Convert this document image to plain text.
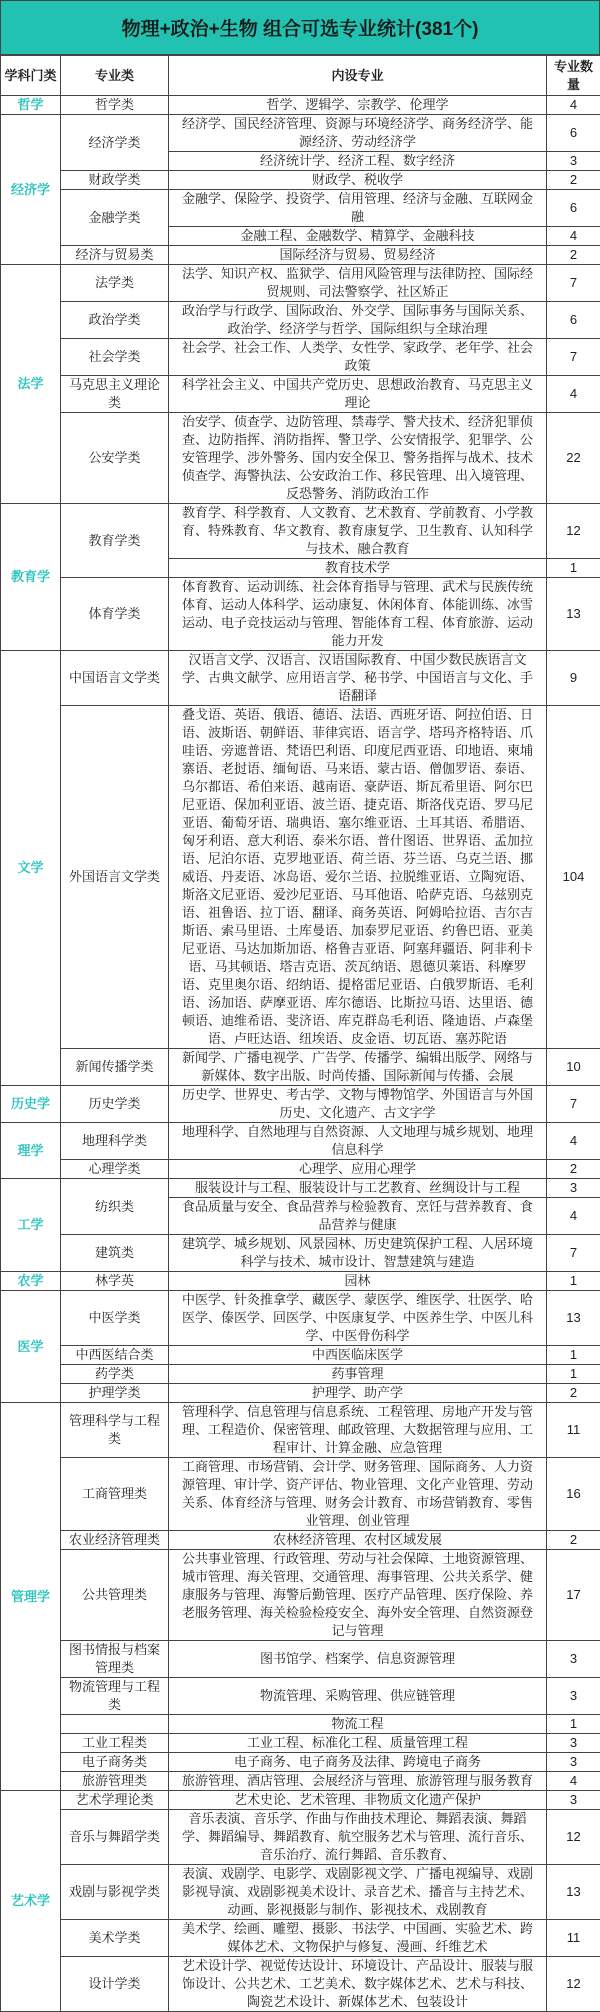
物理+政治+生物 组合可选专业统计(381个)
学科门类	专业类	内设专业	专业数量
哲学	哲学类	哲学、逻辑学、宗教学、伦理学	4
经济学	经济学类	经济学、国民经济管理、资源与环境经济学、商务经济学、能源经济、劳动经济学	6
		经济统计学、经济工程、数字经济	3
	财政学类	财政学、税收学	2
	金融学类	金融学、保险学、投资学、信用管理、经济与金融、互联网金融	6
		金融工程、金融数学、精算学、金融科技	4
	经济与贸易类	国际经济与贸易、贸易经济	2
法学	法学类	法学、知识产权、监狱学、信用风险管理与法律防控、国际经贸规则、司法警察学、社区矫正	7
	政治学类	政治学与行政学、国际政治、外交学、国际事务与国际关系、政治学、经济学与哲学、国际组织与全球治理	6
	社会学类	社会学、社会工作、人类学、女性学、家政学、老年学、社会政策	7
	马克思主义理论类	科学社会主义、中国共产党历史、思想政治教育、马克思主义理论	4
	公安学类	治安学、侦查学、边防管理、禁毒学、警犬技术、经济犯罪侦查、边防指挥、消防指挥、警卫学、公安情报学、犯罪学、公安管理学、涉外警务、国内安全保卫、警务指挥与战术、技术侦查学、海警执法、公安政治工作、移民管理、出入境管理、反恐警务、消防政治工作	22
教育学	教育学类	教育学、科学教育、人文教育、艺术教育、学前教育、小学教育、特殊教育、华文教育、教育康复学、卫生教育、认知科学与技术、融合教育	12
		教育技术学	1
	体育学类	体育教育、运动训练、社会体育指导与管理、武术与民族传统体育、运动人体科学、运动康复、休闲体育、体能训练、冰雪运动、电子竞技运动与管理、智能体育工程、体育旅游、运动能力开发	13
文学	中国语言文学类	汉语言文学、汉语言、汉语国际教育、中国少数民族语言文学、古典文献学、应用语言学、秘书学、中国语言与文化、手语翻译	9
	外国语言文学类	叠戈语、英语、俄语、德语、法语、西班牙语、阿拉伯语、日语、波斯语、朝鲜语、菲律宾语、语言学、塔玛齐格特语、爪哇语、旁遮普语、梵语巴利语、印度尼西亚语、印地语、柬埔寨语、老挝语、缅甸语、马来语、蒙古语、僧伽罗语、泰语、乌尔都语、希伯来语、越南语、豪萨语、斯瓦希里语、阿尔巴尼亚语、保加利亚语、波兰语、捷克语、斯洛伐克语、罗马尼亚语、葡萄牙语、瑞典语、塞尔维亚语、土耳其语、希腊语、匈牙利语、意大利语、泰米尔语、普什图语、世界语、孟加拉语、尼泊尔语、克罗地亚语、荷兰语、芬兰语、乌克兰语、挪威语、丹麦语、冰岛语、爱尔兰语、拉脱维亚语、立陶宛语、斯洛文尼亚语、爱沙尼亚语、马耳他语、哈萨克语、乌兹别克语、祖鲁语、拉丁语、翻译、商务英语、阿姆哈拉语、吉尔吉斯语、索马里语、土库曼语、加泰罗尼亚语、约鲁巴语、亚美尼亚语、马达加斯加语、格鲁吉亚语、阿塞拜疆语、阿非利卡语、马其顿语、塔吉克语、茨瓦纳语、恩德贝莱语、科摩罗语、克里奥尔语、绍纳语、提格雷尼亚语、白俄罗斯语、毛利语、汤加语、萨摩亚语、库尔德语、比斯拉马语、达里语、德顿语、迪维希语、斐济语、库克群岛毛利语、隆迪语、卢森堡语、卢旺达语、纽埃语、皮金语、切瓦语、塞苏陀语	104
	新闻传播学类	新闻学、广播电视学、广告学、传播学、编辑出版学、网络与新媒体、数字出版、时尚传播、国际新闻与传播、会展	10
历史学	历史学类	历史学、世界史、考古学、文物与博物馆学、外国语言与外国历史、文化遗产、古文字学	7
理学	地理科学类	地理科学、自然地理与自然资源、人文地理与城乡规划、地理信息科学	4
	心理学类	心理学、应用心理学	2
工学	纺织类	服装设计与工程、服装设计与工艺教育、丝绸设计与工程	3
		食品质量与安全、食品营养与检验教育、烹饪与营养教育、食品营养与健康	4
	建筑类	建筑学、城乡规划、风景园林、历史建筑保护工程、人居环境科学与技术、城市设计、智慧建筑与建造	7
农学	林学英	园林	1
医学	中医学类	中医学、针灸推拿学、藏医学、蒙医学、维医学、壮医学、哈医学、傣医学、回医学、中医康复学、中医养生学、中医儿科学、中医骨伤科学	13
	中西医结合类	中西医临床医学	1
	药学类	药事管理	1
	护理学类	护理学、助产学	2
管理学	管理科学与工程类	管理科学、信息管理与信息系统、工程管理、房地产开发与管理、工程造价、保密管理、邮政管理、大数据管理与应用、工程审计、计算金融、应急管理	11
	工商管理类	工商管理、市场营销、会计学、财务管理、国际商务、人力资源管理、审计学、资产评估、物业管理、文化产业管理、劳动关系、体育经济与管理、财务会计教育、市场营销教育、零售业管理、创业管理	16
	农业经济管理类	农林经济管理、农村区域发展	2
	公共管理类	公共事业管理、行政管理、劳动与社会保障、土地资源管理、城市管理、海关管理、交通管理、海事管理、公共关系学、健康服务与管理、海警后勤管理、医疗产品管理、医疗保险、养老服务管理、海关检验检疫安全、海外安全管理、自然资源登记与管理	17
	图书情报与档案管理类	图书馆学、档案学、信息资源管理	3
	物流管理与工程类	物流管理、采购管理、供应链管理	3
		物流工程	1
	工业工程类	工业工程、标准化工程、质量管理工程	3
	电子商务类	电子商务、电子商务及法律、跨境电子商务	3
	旅游管理类	旅游管理、酒店管理、会展经济与管理、旅游管理与服务教育	4
艺术学	艺术学理论类	艺术史论、艺术管理、非物质文化遗产保护	3
	音乐与舞蹈学类	音乐表演、音乐学、作曲与作曲技术理论、舞蹈表演、舞蹈学、舞蹈编导、舞蹈教育、航空服务艺术与管理、流行音乐、音乐治疗、流行舞蹈、音乐教育、	12
	戏剧与影视学类	表演、戏剧学、电影学、戏剧影视文学、广播电视编导、戏剧影视导演、戏剧影视美术设计、录音艺术、播音与主持艺术、动画、影视摄影与制作、影视技术、戏剧教育	13
	美术学类	美术学、绘画、雕塑、摄影、书法学、中国画、实验艺术、跨媒体艺术、文物保护与修复、漫画、纤维艺术	11
	设计学类	艺术设计学、视觉传达设计、环境设计、产品设计、服装与服饰设计、公共艺术、工艺美术、数字媒体艺术、艺术与科技、陶瓷艺术设计、新媒体艺术、包装设计	12
